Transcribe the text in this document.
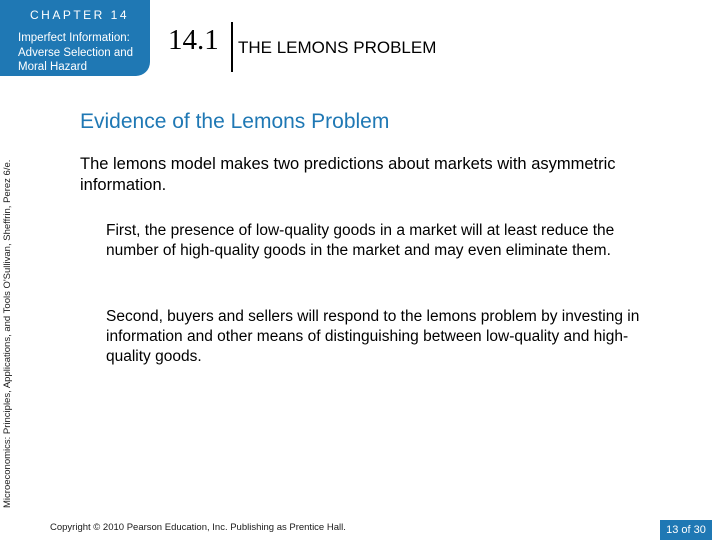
CHAPTER 14
Imperfect Information: Adverse Selection and Moral Hazard
Microeconomics: Principles, Applications, and Tools O'Sullivan, Sheffrin, Perez 6/e.
14.1 THE LEMONS PROBLEM
Evidence of the Lemons Problem
The lemons model makes two predictions about markets with asymmetric information.
First, the presence of low-quality goods in a market will at least reduce the number of high-quality goods in the market and may even eliminate them.
Second, buyers and sellers will respond to the lemons problem by investing in information and other means of distinguishing between low-quality and high-quality goods.
Copyright © 2010 Pearson Education, Inc. Publishing as Prentice Hall.	13 of 30
